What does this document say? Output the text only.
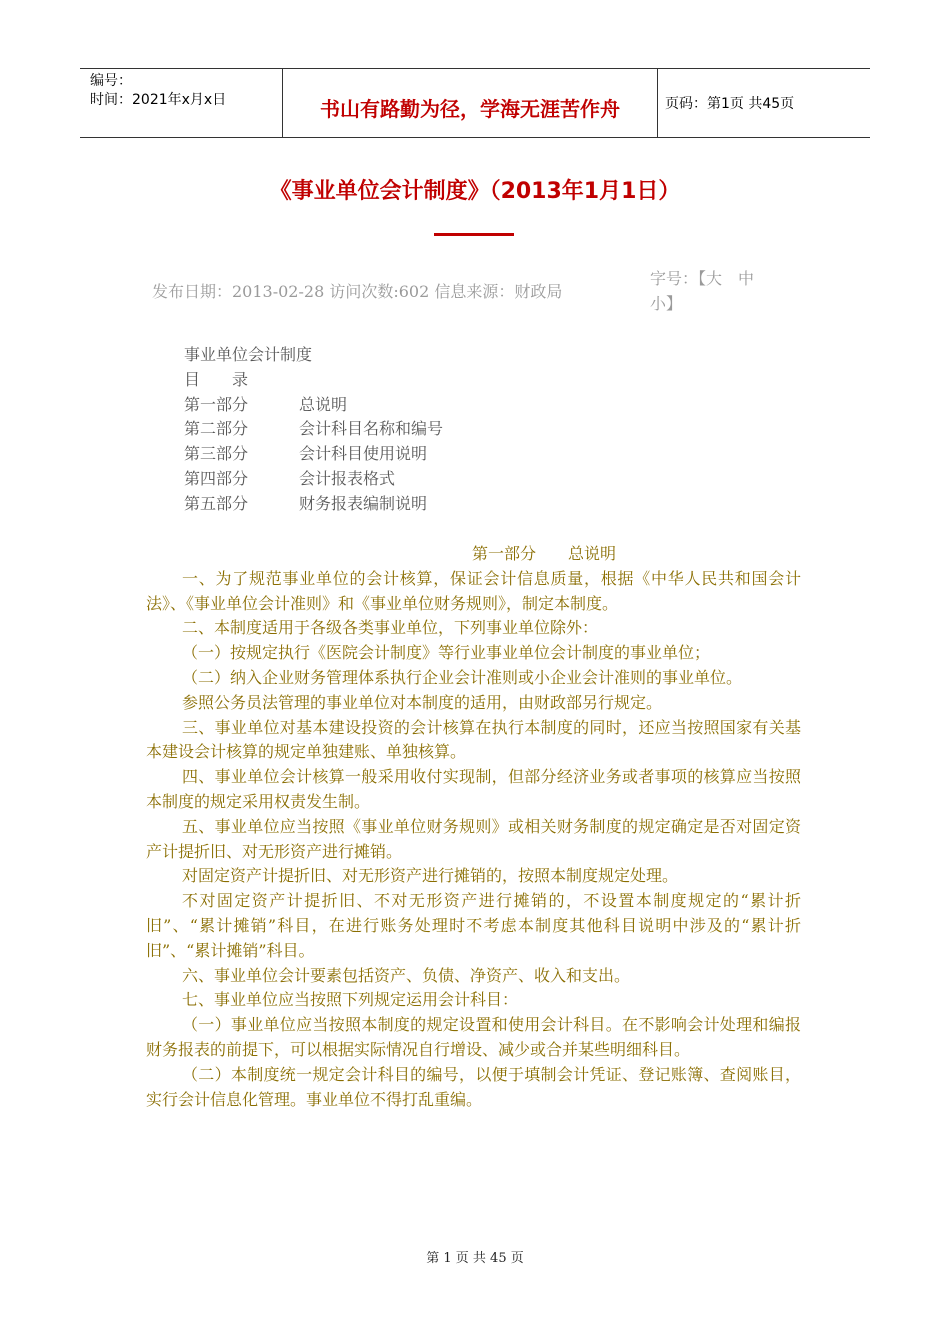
编号：
时间：2021年x月x日	书山有路勤为径，学海无涯苦作舟	页码：第1页 共45页
《事业单位会计制度》（2013年1月1日）
发布日期：2013-02-28 访问次数:602 信息来源：财政局
字号：【大　中　小】
事业单位会计制度
目　　录
第一部分	总说明
第二部分	会计科目名称和编号
第三部分	会计科目使用说明
第四部分	会计报表格式
第五部分	财务报表编制说明
第一部分　　总说明

一、为了规范事业单位的会计核算，保证会计信息质量，根据《中华人民共和国会计法》、《事业单位会计准则》和《事业单位财务规则》，制定本制度。

二、本制度适用于各级各类事业单位，下列事业单位除外：

（一）按规定执行《医院会计制度》等行业事业单位会计制度的事业单位；

（二）纳入企业财务管理体系执行企业会计准则或小企业会计准则的事业单位。

参照公务员法管理的事业单位对本制度的适用，由财政部另行规定。

三、事业单位对基本建设投资的会计核算在执行本制度的同时，还应当按照国家有关基本建设会计核算的规定单独建账、单独核算。

四、事业单位会计核算一般采用收付实现制，但部分经济业务或者事项的核算应当按照本制度的规定采用权责发生制。

五、事业单位应当按照《事业单位财务规则》或相关财务制度的规定确定是否对固定资产计提折旧、对无形资产进行摊销。

对固定资产计提折旧、对无形资产进行摊销的，按照本制度规定处理。

不对固定资产计提折旧、不对无形资产进行摊销的，不设置本制度规定的“累计折旧”、“累计摊销”科目，在进行账务处理时不考虑本制度其他科目说明中涉及的“累计折旧”、“累计摊销”科目。

六、事业单位会计要素包括资产、负债、净资产、收入和支出。

七、事业单位应当按照下列规定运用会计科目：

（一）事业单位应当按照本制度的规定设置和使用会计科目。在不影响会计处理和编报财务报表的前提下，可以根据实际情况自行增设、减少或合并某些明细科目。

（二）本制度统一规定会计科目的编号，以便于填制会计凭证、登记账簿、查阅账目，实行会计信息化管理。事业单位不得打乱重编。

第 1 页 共 45 页
